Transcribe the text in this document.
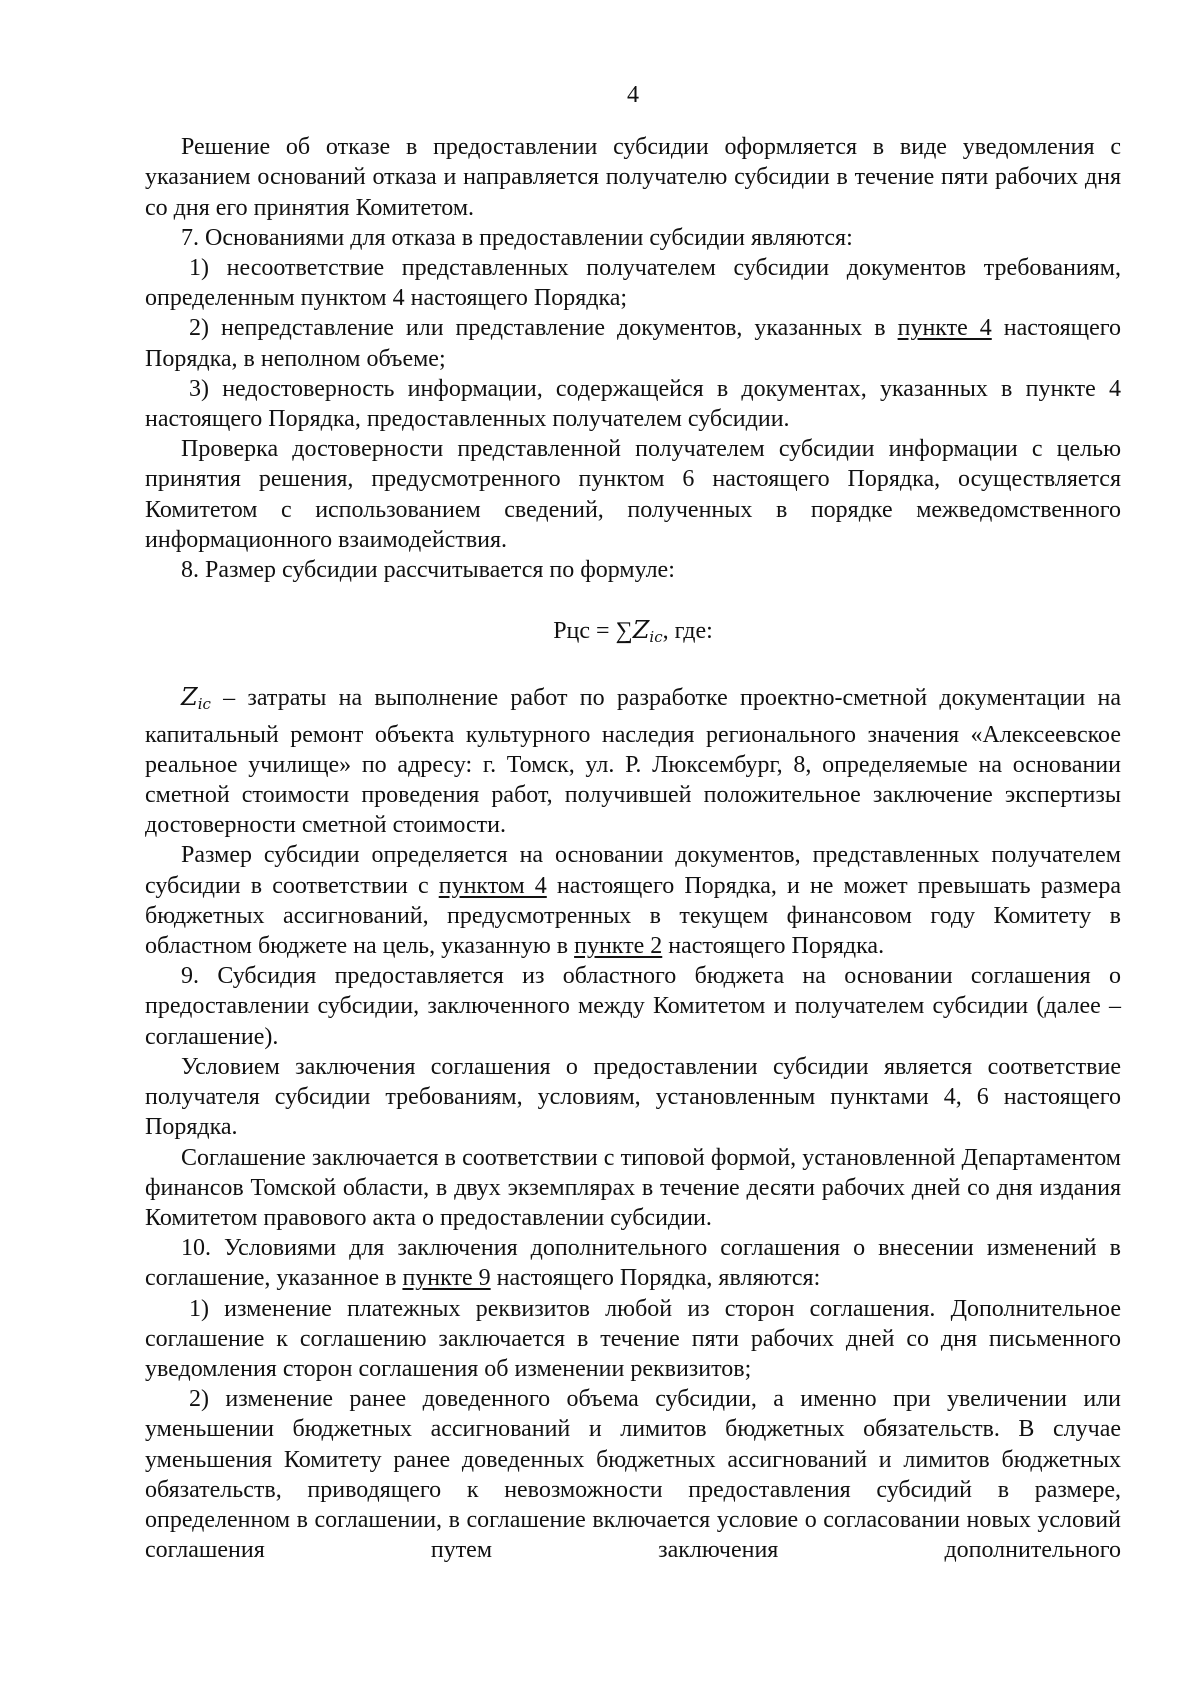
4

Решение об отказе в предоставлении субсидии оформляется в виде уведомления с указанием оснований отказа и направляется получателю субсидии в течение пяти рабочих дня со дня его принятия Комитетом.

7. Основаниями для отказа в предоставлении субсидии являются:

1) несоответствие представленных получателем субсидии документов требованиям, определенным пунктом 4 настоящего Порядка;

2) непредставление или представление документов, указанных в пункте 4 настоящего Порядка, в неполном объеме;

3) недостоверность информации, содержащейся в документах, указанных в пункте 4 настоящего Порядка, предоставленных получателем субсидии.

Проверка достоверности представленной получателем субсидии информации с целью принятия решения, предусмотренного пунктом 6 настоящего Порядка, осуществляется Комитетом с использованием сведений, полученных в порядке межведомственного информационного взаимодействия.

8. Размер субсидии рассчитывается по формуле:

Рцс = $\sum Z_{ic}$, где:

$Z_{ic}$ – затраты на выполнение работ по разработке проектно-сметной документации на капитальный ремонт объекта культурного наследия регионального значения «Алексеевское реальное училище» по адресу: г. Томск, ул. Р. Люксембург, 8, определяемые на основании сметной стоимости проведения работ, получившей положительное заключение экспертизы достоверности сметной стоимости.

Размер субсидии определяется на основании документов, представленных получателем субсидии в соответствии с пунктом 4 настоящего Порядка, и не может превышать размера бюджетных ассигнований, предусмотренных в текущем финансовом году Комитету в областном бюджете на цель, указанную в пункте 2 настоящего Порядка.

9. Субсидия предоставляется из областного бюджета на основании соглашения о предоставлении субсидии, заключенного между Комитетом и получателем субсидии (далее – соглашение).

Условием заключения соглашения о предоставлении субсидии является соответствие получателя субсидии требованиям, условиям, установленным пунктами 4, 6 настоящего Порядка.

Соглашение заключается в соответствии с типовой формой, установленной Департаментом финансов Томской области, в двух экземплярах в течение десяти рабочих дней со дня издания Комитетом правового акта о предоставлении субсидии.

10. Условиями для заключения дополнительного соглашения о внесении изменений в соглашение, указанное в пункте 9 настоящего Порядка, являются:

1) изменение платежных реквизитов любой из сторон соглашения. Дополнительное соглашение к соглашению заключается в течение пяти рабочих дней со дня письменного уведомления сторон соглашения об изменении реквизитов;

2) изменение ранее доведенного объема субсидии, а именно при увеличении или уменьшении бюджетных ассигнований и лимитов бюджетных обязательств. В случае уменьшения Комитету ранее доведенных бюджетных ассигнований и лимитов бюджетных обязательств, приводящего к невозможности предоставления субсидий в размере, определенном в соглашении, в соглашение включается условие о согласовании новых условий соглашения путем заключения дополнительного
